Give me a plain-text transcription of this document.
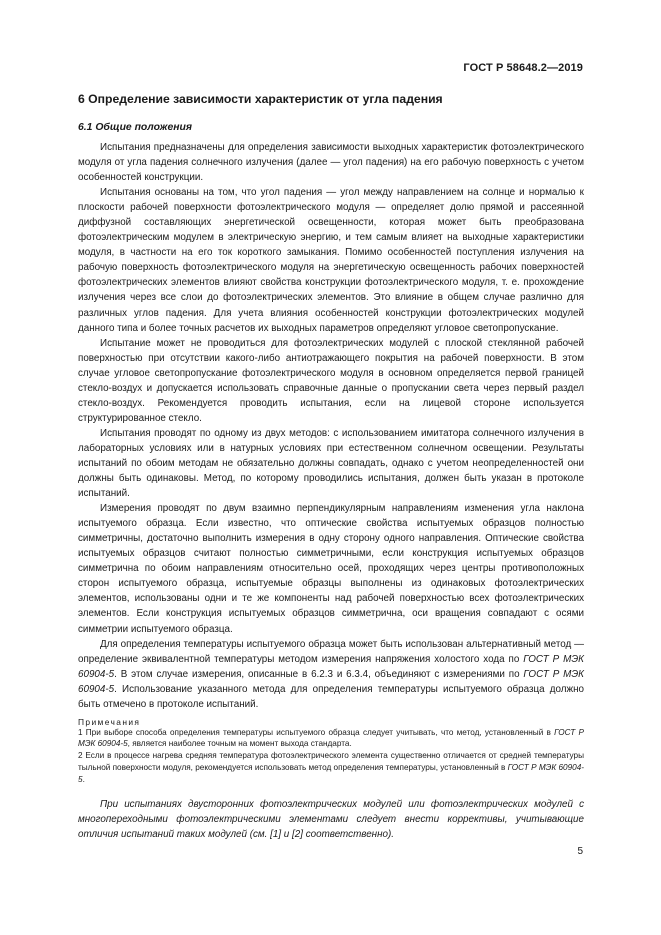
ГОСТ Р 58648.2—2019
6 Определение зависимости характеристик от угла падения
6.1 Общие положения

Испытания предназначены для определения зависимости выходных характеристик фотоэлектрического модуля от угла падения солнечного излучения (далее — угол падения) на его рабочую поверхность с учетом особенностей конструкции.

Испытания основаны на том, что угол падения — угол между направлением на солнце и нормалью к плоскости рабочей поверхности фотоэлектрического модуля — определяет долю прямой и рассеянной диффузной составляющих энергетической освещенности, которая может быть преобразована фотоэлектрическим модулем в электрическую энергию, и тем самым влияет на выходные характеристики модуля, в частности на его ток короткого замыкания. Помимо особенностей поступления излучения на рабочую поверхность фотоэлектрического модуля на энергетическую освещенность рабочих поверхностей фотоэлектрических элементов влияют свойства конструкции фотоэлектрического модуля, т. е. прохождение излучения через все слои до фотоэлектрических элементов. Это влияние в общем случае различно для различных углов падения. Для учета влияния особенностей конструкции фотоэлектрических модулей данного типа и более точных расчетов их выходных параметров определяют угловое светопропускание.

Испытание может не проводиться для фотоэлектрических модулей с плоской стеклянной рабочей поверхностью при отсутствии какого-либо антиотражающего покрытия на рабочей поверхности. В этом случае угловое светопропускание фотоэлектрического модуля в основном определяется первой границей стекло-воздух и допускается использовать справочные данные о пропускании света через первый раздел стекло-воздух. Рекомендуется проводить испытания, если на лицевой стороне используется структурированное стекло.

Испытания проводят по одному из двух методов: с использованием имитатора солнечного излучения в лабораторных условиях или в натурных условиях при естественном солнечном освещении. Результаты испытаний по обоим методам не обязательно должны совпадать, однако с учетом неопределенностей они должны быть одинаковы. Метод, по которому проводились испытания, должен быть указан в протоколе испытаний.

Измерения проводят по двум взаимно перпендикулярным направлениям изменения угла наклона испытуемого образца. Если известно, что оптические свойства испытуемых образцов полностью симметричны, достаточно выполнить измерения в одну сторону одного направления. Оптические свойства испытуемых образцов считают полностью симметричными, если конструкция испытуемых образцов симметрична по обоим направлениям относительно осей, проходящих через центры противоположных сторон испытуемого образца, испытуемые образцы выполнены из одинаковых фотоэлектрических элементов, использованы одни и те же компоненты над рабочей поверхностью всех фотоэлектрических элементов. Если конструкция испытуемых образцов симметрична, оси вращения совпадают с осями симметрии испытуемого образца.

Для определения температуры испытуемого образца может быть использован альтернативный метод — определение эквивалентной температуры методом измерения напряжения холостого хода по ГОСТ Р МЭК 60904-5. В этом случае измерения, описанные в 6.2.3 и 6.3.4, объединяют с измерениями по ГОСТ Р МЭК 60904-5. Использование указанного метода для определения температуры испытуемого образца должно быть отмечено в протоколе испытаний.

Примечания

1 При выборе способа определения температуры испытуемого образца следует учитывать, что метод, установленный в ГОСТ Р МЭК 60904-5, является наиболее точным на момент выхода стандарта.

2 Если в процессе нагрева средняя температура фотоэлектрического элемента существенно отличается от средней температуры тыльной поверхности модуля, рекомендуется использовать метод определения температуры, установленный в ГОСТ Р МЭК 60904-5.

При испытаниях двусторонних фотоэлектрических модулей или фотоэлектрических модулей с многопереходными фотоэлектрическими элементами следует внести коррективы, учитывающие отличия испытаний таких модулей (см. [1] и [2] соответственно).

5
